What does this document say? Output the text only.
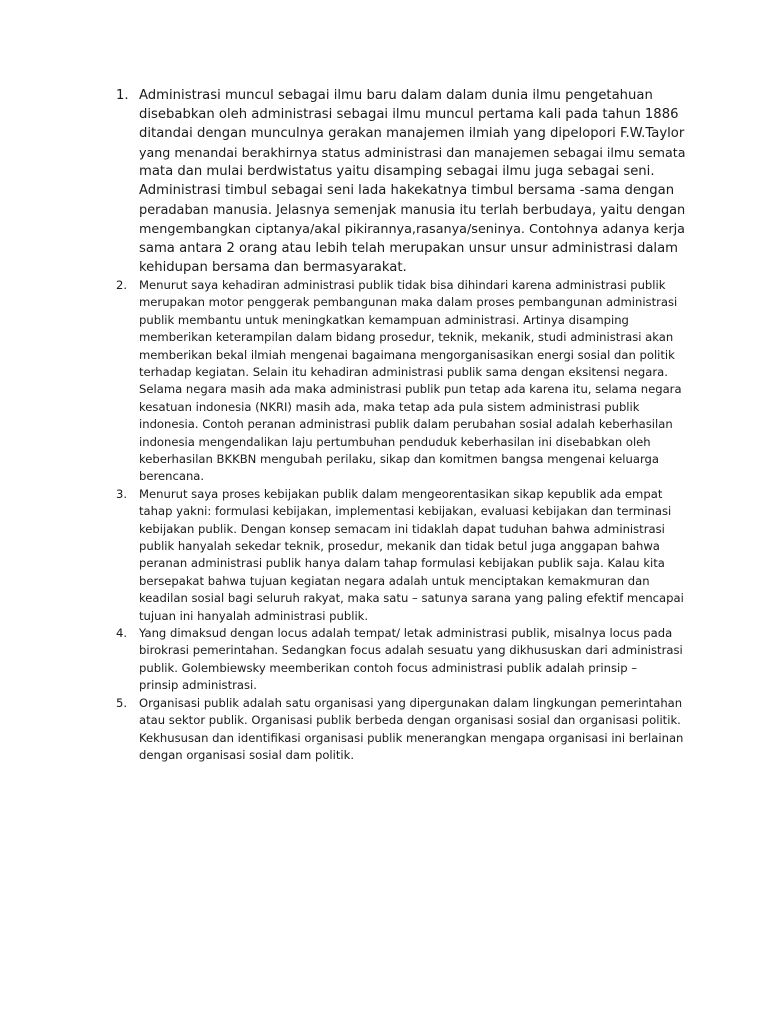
1. Administrasi muncul sebagai ilmu baru dalam dalam dunia ilmu pengetahuan
disebabkan oleh administrasi sebagai ilmu muncul pertama kali pada tahun 1886
ditandai dengan munculnya gerakan manajemen ilmiah yang dipelopori F.W.Taylor
yang menandai berakhirnya status administrasi dan manajemen sebagai ilmu semata
mata dan mulai berdwistatus yaitu disamping sebagai ilmu juga sebagai seni.
Administrasi timbul sebagai seni lada hakekatnya timbul bersama -sama dengan
peradaban manusia. Jelasnya semenjak manusia itu terlah berbudaya, yaitu dengan
mengembangkan ciptanya/akal pikirannya,rasanya/seninya. Contohnya adanya kerja
sama antara 2 orang atau lebih telah merupakan unsur unsur administrasi dalam
kehidupan bersama dan bermasyarakat.
2. Menurut saya kehadiran administrasi publik tidak bisa dihindari karena administrasi publik
merupakan motor penggerak pembangunan maka dalam proses pembangunan administrasi
publik membantu untuk meningkatkan kemampuan administrasi. Artinya disamping
memberikan keterampilan dalam bidang prosedur, teknik, mekanik, studi administrasi akan
memberikan bekal ilmiah mengenai bagaimana mengorganisasikan energi sosial dan politik
terhadap kegiatan. Selain itu kehadiran administrasi publik sama dengan eksitensi negara.
Selama negara masih ada maka administrasi publik pun tetap ada karena itu, selama negara
kesatuan indonesia (NKRI) masih ada, maka tetap ada pula sistem administrasi publik
indonesia. Contoh peranan administrasi publik dalam perubahan sosial adalah keberhasilan
indonesia mengendalikan laju pertumbuhan penduduk keberhasilan ini disebabkan oleh
keberhasilan BKKBN mengubah perilaku, sikap dan komitmen bangsa mengenai keluarga
berencana.
3. Menurut saya proses kebijakan publik dalam mengeorentasikan sikap kepublik ada empat
tahap yakni: formulasi kebijakan, implementasi kebijakan, evaluasi kebijakan dan terminasi
kebijakan publik. Dengan konsep semacam ini tidaklah dapat tuduhan bahwa administrasi
publik hanyalah sekedar teknik, prosedur, mekanik dan tidak betul juga anggapan bahwa
peranan administrasi publik hanya dalam tahap formulasi kebijakan publik saja. Kalau kita
bersepakat bahwa tujuan kegiatan negara adalah untuk menciptakan kemakmuran dan
keadilan sosial bagi seluruh rakyat, maka satu – satunya sarana yang paling efektif mencapai
tujuan ini hanyalah administrasi publik.
4. Yang dimaksud dengan locus adalah tempat/ letak administrasi publik, misalnya locus pada
birokrasi pemerintahan. Sedangkan focus adalah sesuatu yang dikhususkan dari administrasi
publik. Golembiewsky meemberikan contoh focus administrasi publik adalah prinsip –
prinsip administrasi.
5. Organisasi publik adalah satu organisasi yang dipergunakan dalam lingkungan pemerintahan
atau sektor publik. Organisasi publik berbeda dengan organisasi sosial dan organisasi politik.
Kekhususan dan identifikasi organisasi publik menerangkan mengapa organisasi ini berlainan
dengan organisasi sosial dam politik.
